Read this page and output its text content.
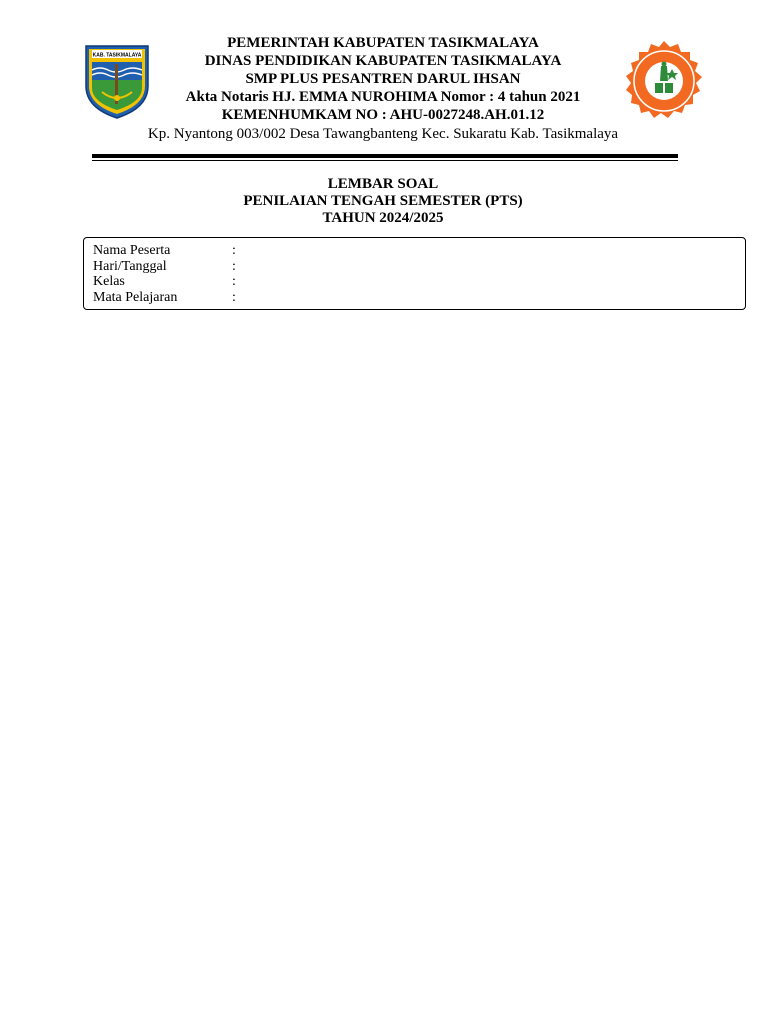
KAB. TASIKMALAYA
PEMERINTAH KABUPATEN TASIKMALAYA
DINAS PENDIDIKAN KABUPATEN TASIKMALAYA
SMP PLUS PESANTREN DARUL IHSAN
Akta Notaris HJ. EMMA NUROHIMA Nomor : 4 tahun 2021
KEMENHUMKAM NO : AHU-0027248.AH.01.12
Kp. Nyantong 003/002 Desa Tawangbanteng Kec. Sukaratu Kab. Tasikmalaya
LEMBAR SOAL
PENILAIAN TENGAH SEMESTER (PTS)
TAHUN 2024/2025
Nama Peserta	:
Hari/Tanggal	:
Kelas	:
Mata Pelajaran	:
